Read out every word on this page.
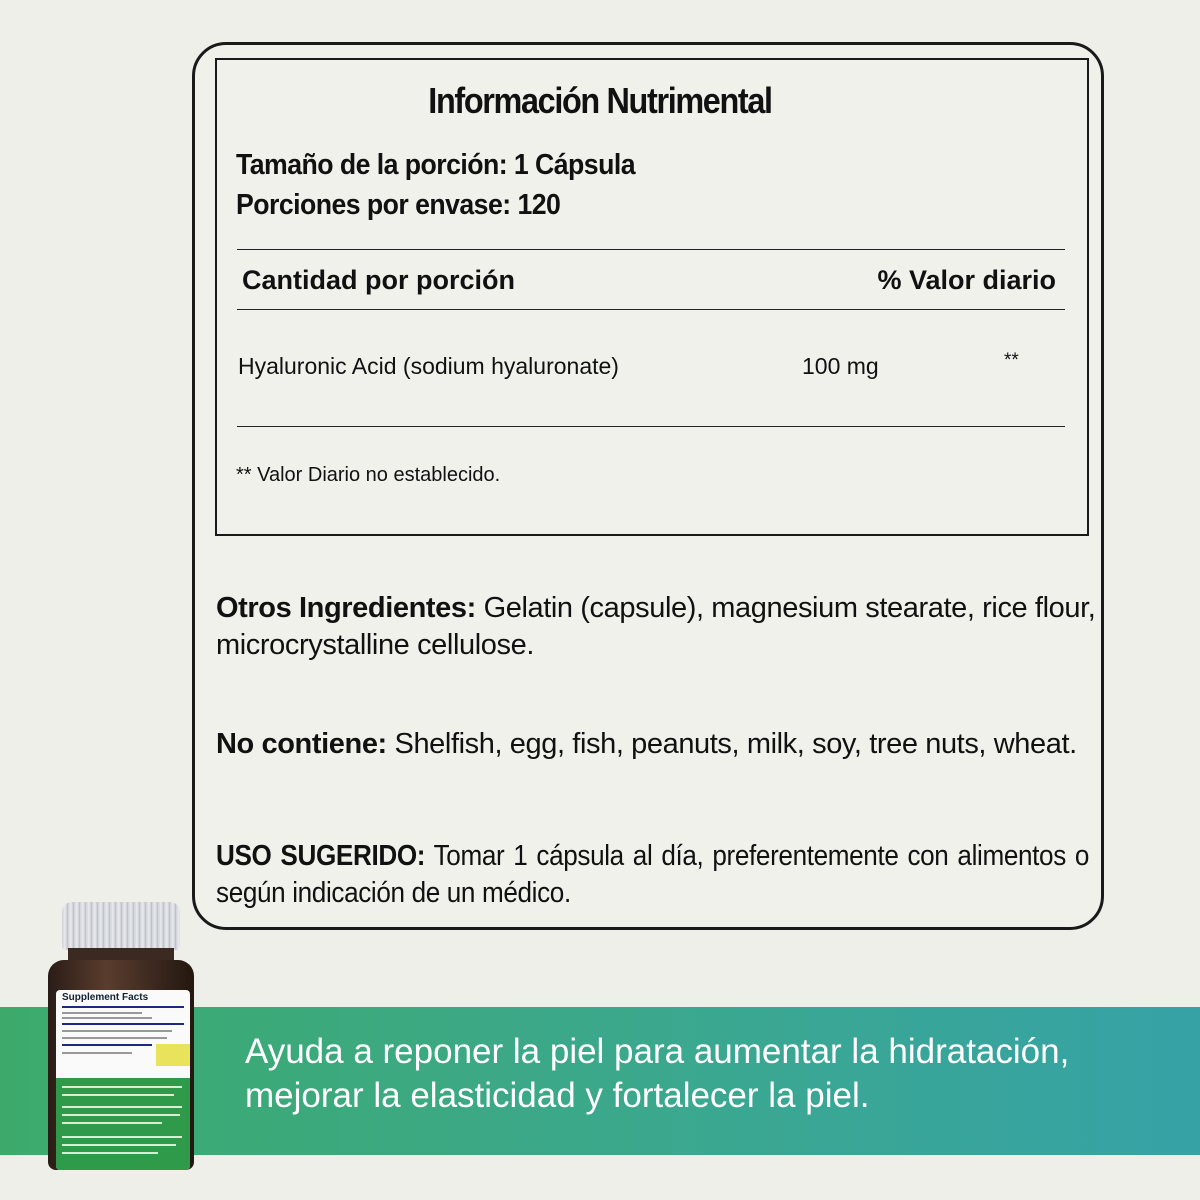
Información Nutrimental
Tamaño de la porción: 1 Cápsula
Porciones por envase: 120
Cantidad por porción	% Valor diario
Hyaluronic Acid (sodium hyaluronate)	100 mg	**
** Valor Diario no establecido.
Otros Ingredientes: Gelatin (capsule), magnesium stearate, rice flour,
microcrystalline cellulose.
No contiene: Shelfish, egg, fish, peanuts, milk, soy, tree nuts, wheat.
USO SUGERIDO: Tomar 1 cápsula al día, preferentemente con alimentos o
según indicación de un médico.
Ayuda a reponer la piel para aumentar la hidratación,
mejorar la elasticidad y fortalecer la piel.
Supplement Facts
